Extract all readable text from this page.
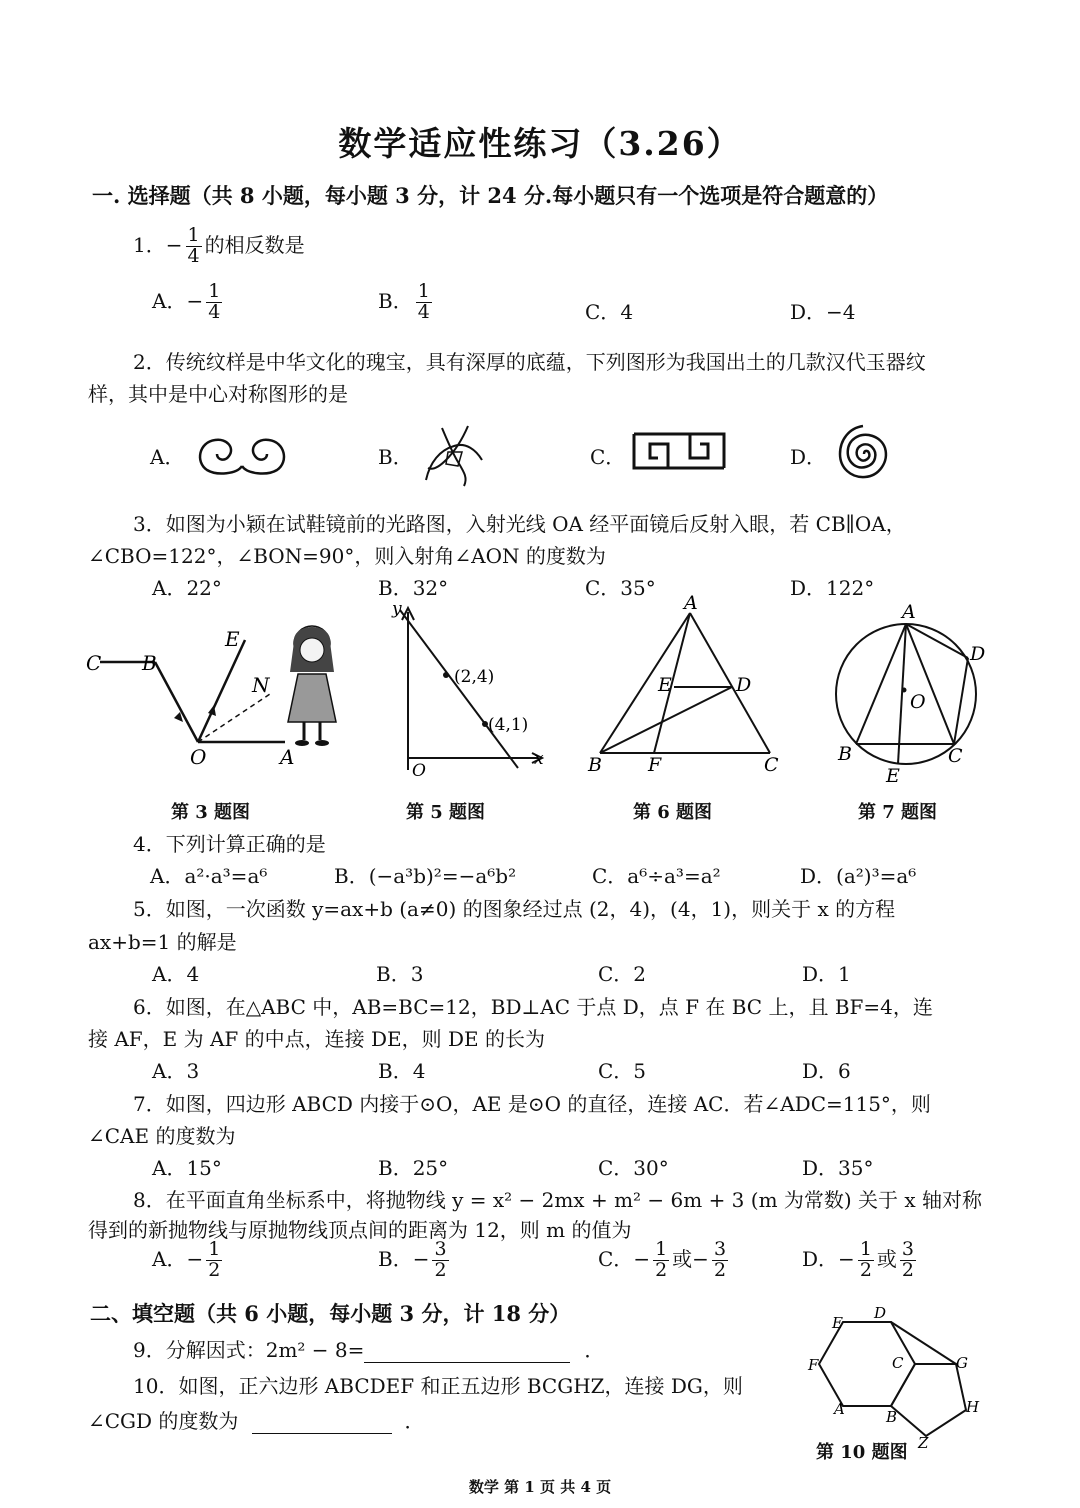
数学适应性练习（3.26）
一. 选择题（共 8 小题，每小题 3 分，计 24 分.每小题只有一个选项是符合题意的）
1．− $\frac{1}{4}$ 的相反数是
A．− $\frac{1}{4}$	B． $\frac{1}{4}$	C．4	D．−4
2．传统纹样是中华文化的瑰宝，具有深厚的底蕴，下列图形为我国出土的几款汉代玉器纹
样，其中是中心对称图形的是
A．	B．	C．	D．
3．如图为小颖在试鞋镜前的光路图，入射光线 OA 经平面镜后反射入眼，若 CB∥OA，
∠CBO=122°，∠BON=90°，则入射角∠AON 的度数为
A．22°	B．32°	C．35°	D．122°
C B
E
N
O	A
第 3 题图
y
x
O
(2,4)
(4,1)
第 5 题图
A
B	C
D
E
F
第 6 题图
A
B	C
D
E
O
第 7 题图
4．下列计算正确的是
A．a²·a³=a⁶	B．(−a³b)²=−a⁶b²	C．a⁶÷a³=a²	D．(a²)³=a⁶
5．如图，一次函数 y=ax+b (a≠0) 的图象经过点 (2，4)，(4，1)，则关于 x 的方程
ax+b=1 的解是
A．4	B．3	C．2	D．1
6．如图，在△ABC 中，AB=BC=12，BD⊥AC 于点 D，点 F 在 BC 上，且 BF=4，连
接 AF，E 为 AF 的中点，连接 DE，则 DE 的长为
A．3	B．4	C．5	D．6
7．如图，四边形 ABCD 内接于⊙O，AE 是⊙O 的直径，连接 AC．若∠ADC=115°，则
∠CAE 的度数为
A．15°	B．25°	C．30°	D．35°
8．在平面直角坐标系中，将抛物线 y = x² − 2mx + m² − 6m + 3 (m 为常数) 关于 x 轴对称
得到的新抛物线与原抛物线顶点间的距离为 12，则 m 的值为
A．− $\frac{1}{2}$	B．− $\frac{3}{2}$	C．− $\frac{1}{2}$ 或− $\frac{3}{2}$	D．− $\frac{1}{2}$ 或 $\frac{3}{2}$
二、填空题（共 6 小题，每小题 3 分，计 18 分）
9．分解因式：2m² − 8=	．
10．如图，正六边形 ABCDEF 和正五边形 BCGHZ，连接 DG，则
∠CGD 的度数为	．
E
D
F	C	G
A	B
H
Z
第 10 题图
数学 第 1 页 共 4 页
